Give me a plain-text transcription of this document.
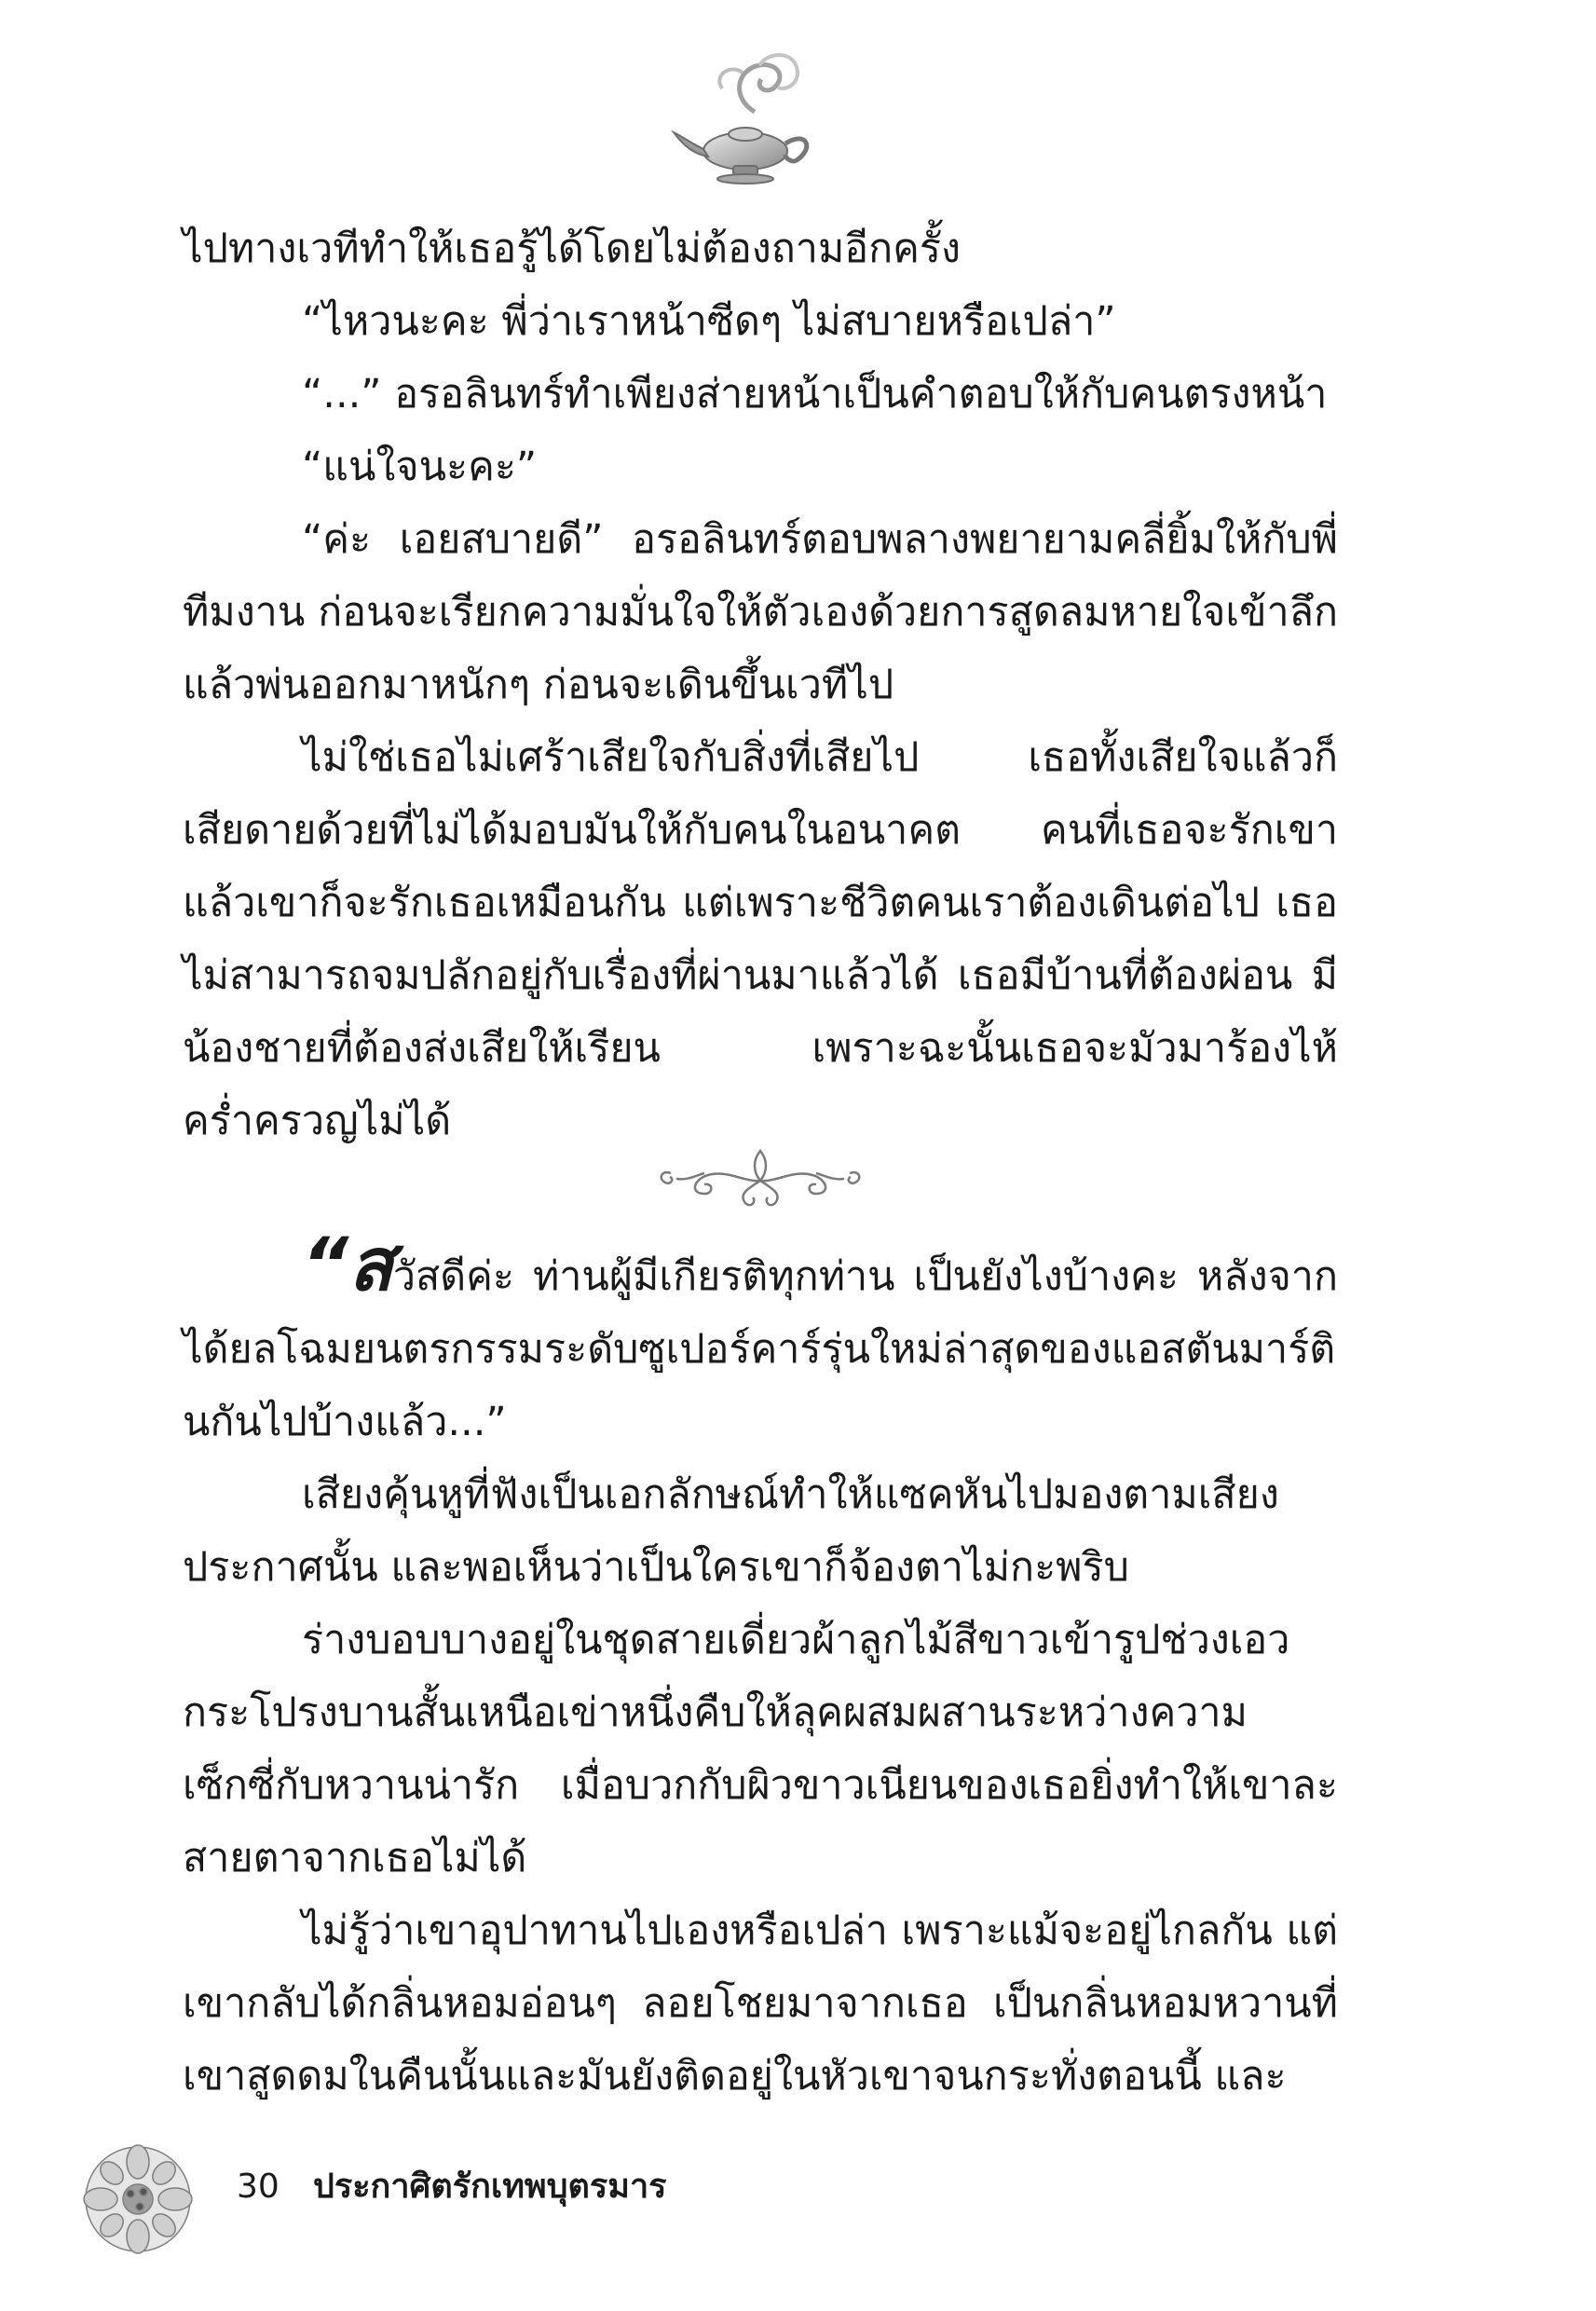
ไปทางเวทีทำให้เธอรู้ได้โดยไม่ต้องถามอีกครั้ง

“ไหวนะคะ พี่ว่าเราหน้าซีดๆ ไม่สบายหรือเปล่า”

“...” อรอลินทร์ทำเพียงส่ายหน้าเป็นคำตอบให้กับคนตรงหน้า

“แน่ใจนะคะ”

“ค่ะ เอยสบายดี” อรอลินทร์ตอบพลางพยายามคลี่ยิ้มให้กับพี่ทีมงาน ก่อนจะเรียกความมั่นใจให้ตัวเองด้วยการสูดลมหายใจเข้าลึกแล้วพ่นออกมาหนักๆ ก่อนจะเดินขึ้นเวทีไป

ไม่ใช่เธอไม่เศร้าเสียใจกับสิ่งที่เสียไป เธอทั้งเสียใจแล้วก็เสียดายด้วยที่ไม่ได้มอบมันให้กับคนในอนาคต คนที่เธอจะรักเขา แล้วเขาก็จะรักเธอเหมือนกัน แต่เพราะชีวิตคนเราต้องเดินต่อไป เธอไม่สามารถจมปลักอยู่กับเรื่องที่ผ่านมาแล้วได้ เธอมีบ้านที่ต้องผ่อน มีน้องชายที่ต้องส่งเสียให้เรียน เพราะฉะนั้นเธอจะมัวมาร้องไห้คร่ำครวญไม่ได้

“สวัสดีค่ะ ท่านผู้มีเกียรติทุกท่าน เป็นยังไงบ้างคะ หลังจากได้ยลโฉมยนตรกรรมระดับซูเปอร์คาร์รุ่นใหม่ล่าสุดของแอสตันมาร์ตินกันไปบ้างแล้ว...”

เสียงคุ้นหูที่ฟังเป็นเอกลักษณ์ทำให้แซคหันไปมองตามเสียงประกาศนั้น และพอเห็นว่าเป็นใครเขาก็จ้องตาไม่กะพริบ

ร่างบอบบางอยู่ในชุดสายเดี่ยวผ้าลูกไม้สีขาวเข้ารูปช่วงเอวกระโปรงบานสั้นเหนือเข่าหนึ่งคืบให้ลุคผสมผสานระหว่างความเซ็กซี่กับหวานน่ารัก เมื่อบวกกับผิวขาวเนียนของเธอยิ่งทำให้เขาละสายตาจากเธอไม่ได้

ไม่รู้ว่าเขาอุปาทานไปเองหรือเปล่า เพราะแม้จะอยู่ไกลกัน แต่เขากลับได้กลิ่นหอมอ่อนๆ ลอยโชยมาจากเธอ เป็นกลิ่นหอมหวานที่เขาสูดดมในคืนนั้นและมันยังติดอยู่ในหัวเขาจนกระทั่งตอนนี้ และ

30 ประกาศิตรักเทพบุตรมาร
